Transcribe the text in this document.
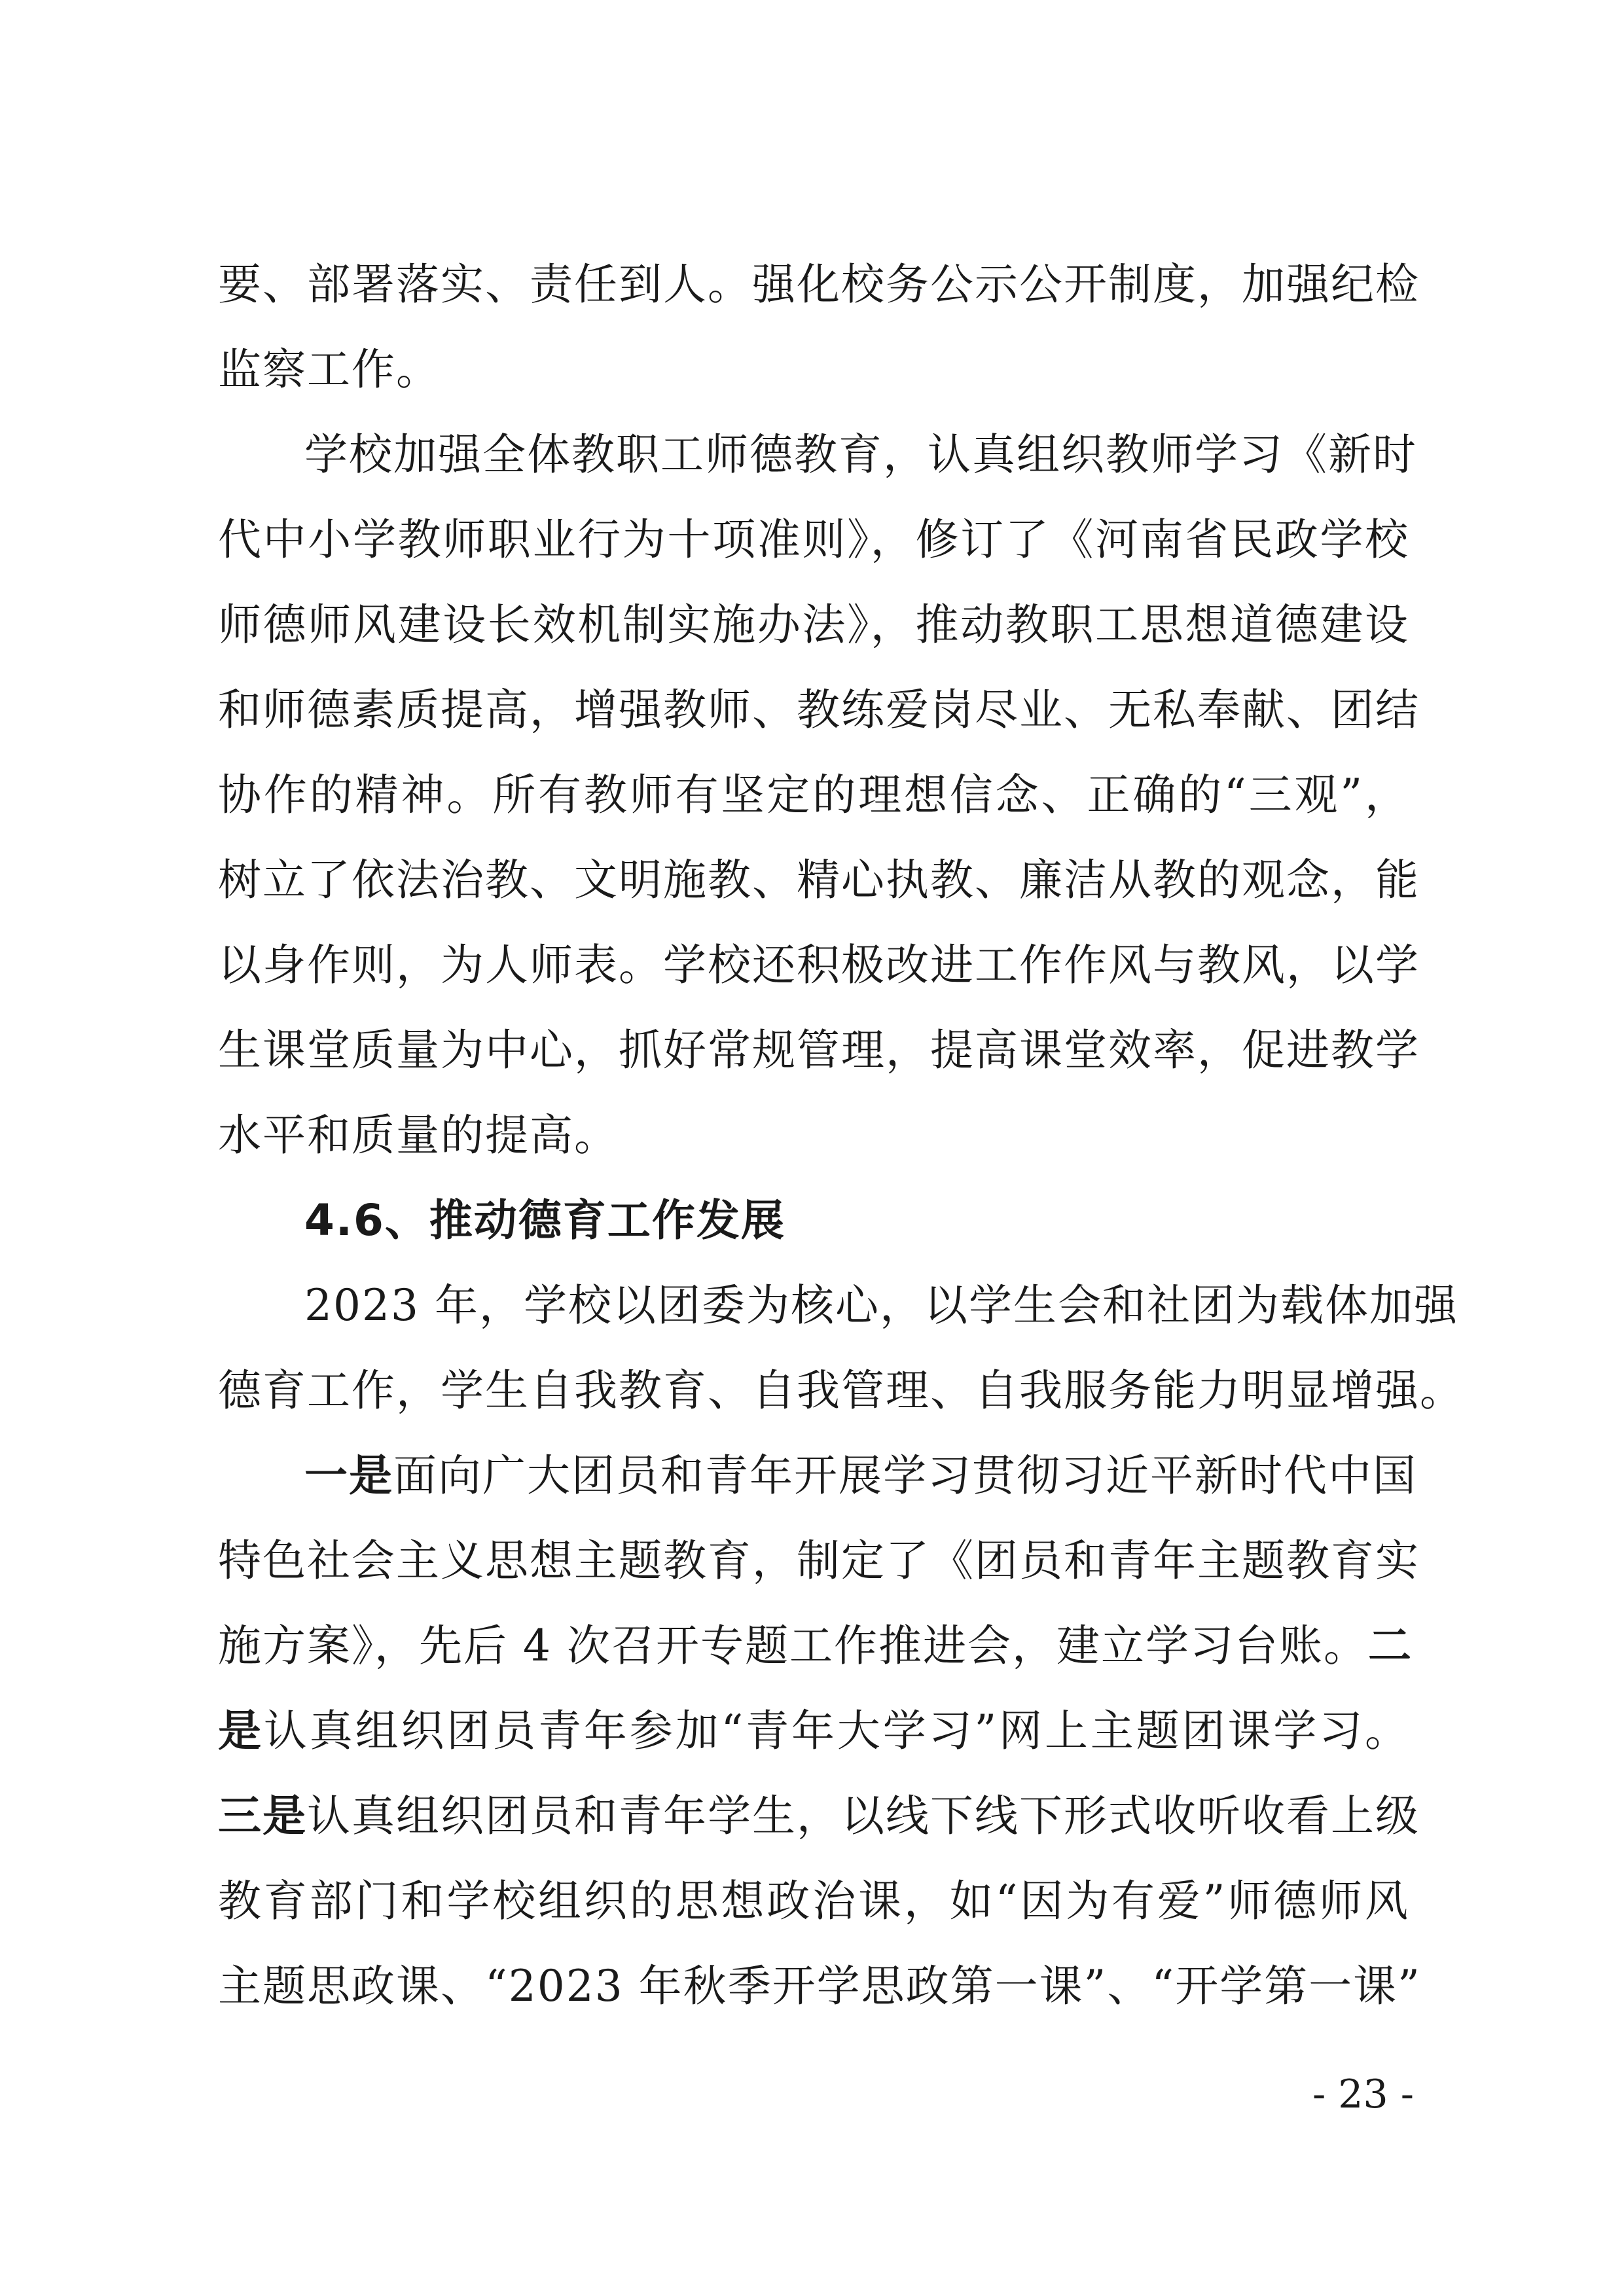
要、部署落实、责任到人。强化校务公示公开制度，加强纪检
监察工作。
学校加强全体教职工师德教育，认真组织教师学习《新时
代中小学教师职业行为十项准则》，修订了《河南省民政学校
师德师风建设长效机制实施办法》，推动教职工思想道德建设
和师德素质提高，增强教师、教练爱岗尽业、无私奉献、团结
协作的精神。所有教师有坚定的理想信念、正确的“三观”，
树立了依法治教、文明施教、精心执教、廉洁从教的观念，能
以身作则，为人师表。学校还积极改进工作作风与教风，以学
生课堂质量为中心，抓好常规管理，提高课堂效率，促进教学
水平和质量的提高。
4.6、推动德育工作发展
2023 年，学校以团委为核心，以学生会和社团为载体加强
德育工作，学生自我教育、自我管理、自我服务能力明显增强。
一是面向广大团员和青年开展学习贯彻习近平新时代中国
特色社会主义思想主题教育，制定了《团员和青年主题教育实
施方案》，先后 4 次召开专题工作推进会，建立学习台账。二
是认真组织团员青年参加“青年大学习”网上主题团课学习。
三是认真组织团员和青年学生，以线下线下形式收听收看上级
教育部门和学校组织的思想政治课，如“因为有爱”师德师风
主题思政课、“2023 年秋季开学思政第一课”、“开学第一课”
- 23 -
